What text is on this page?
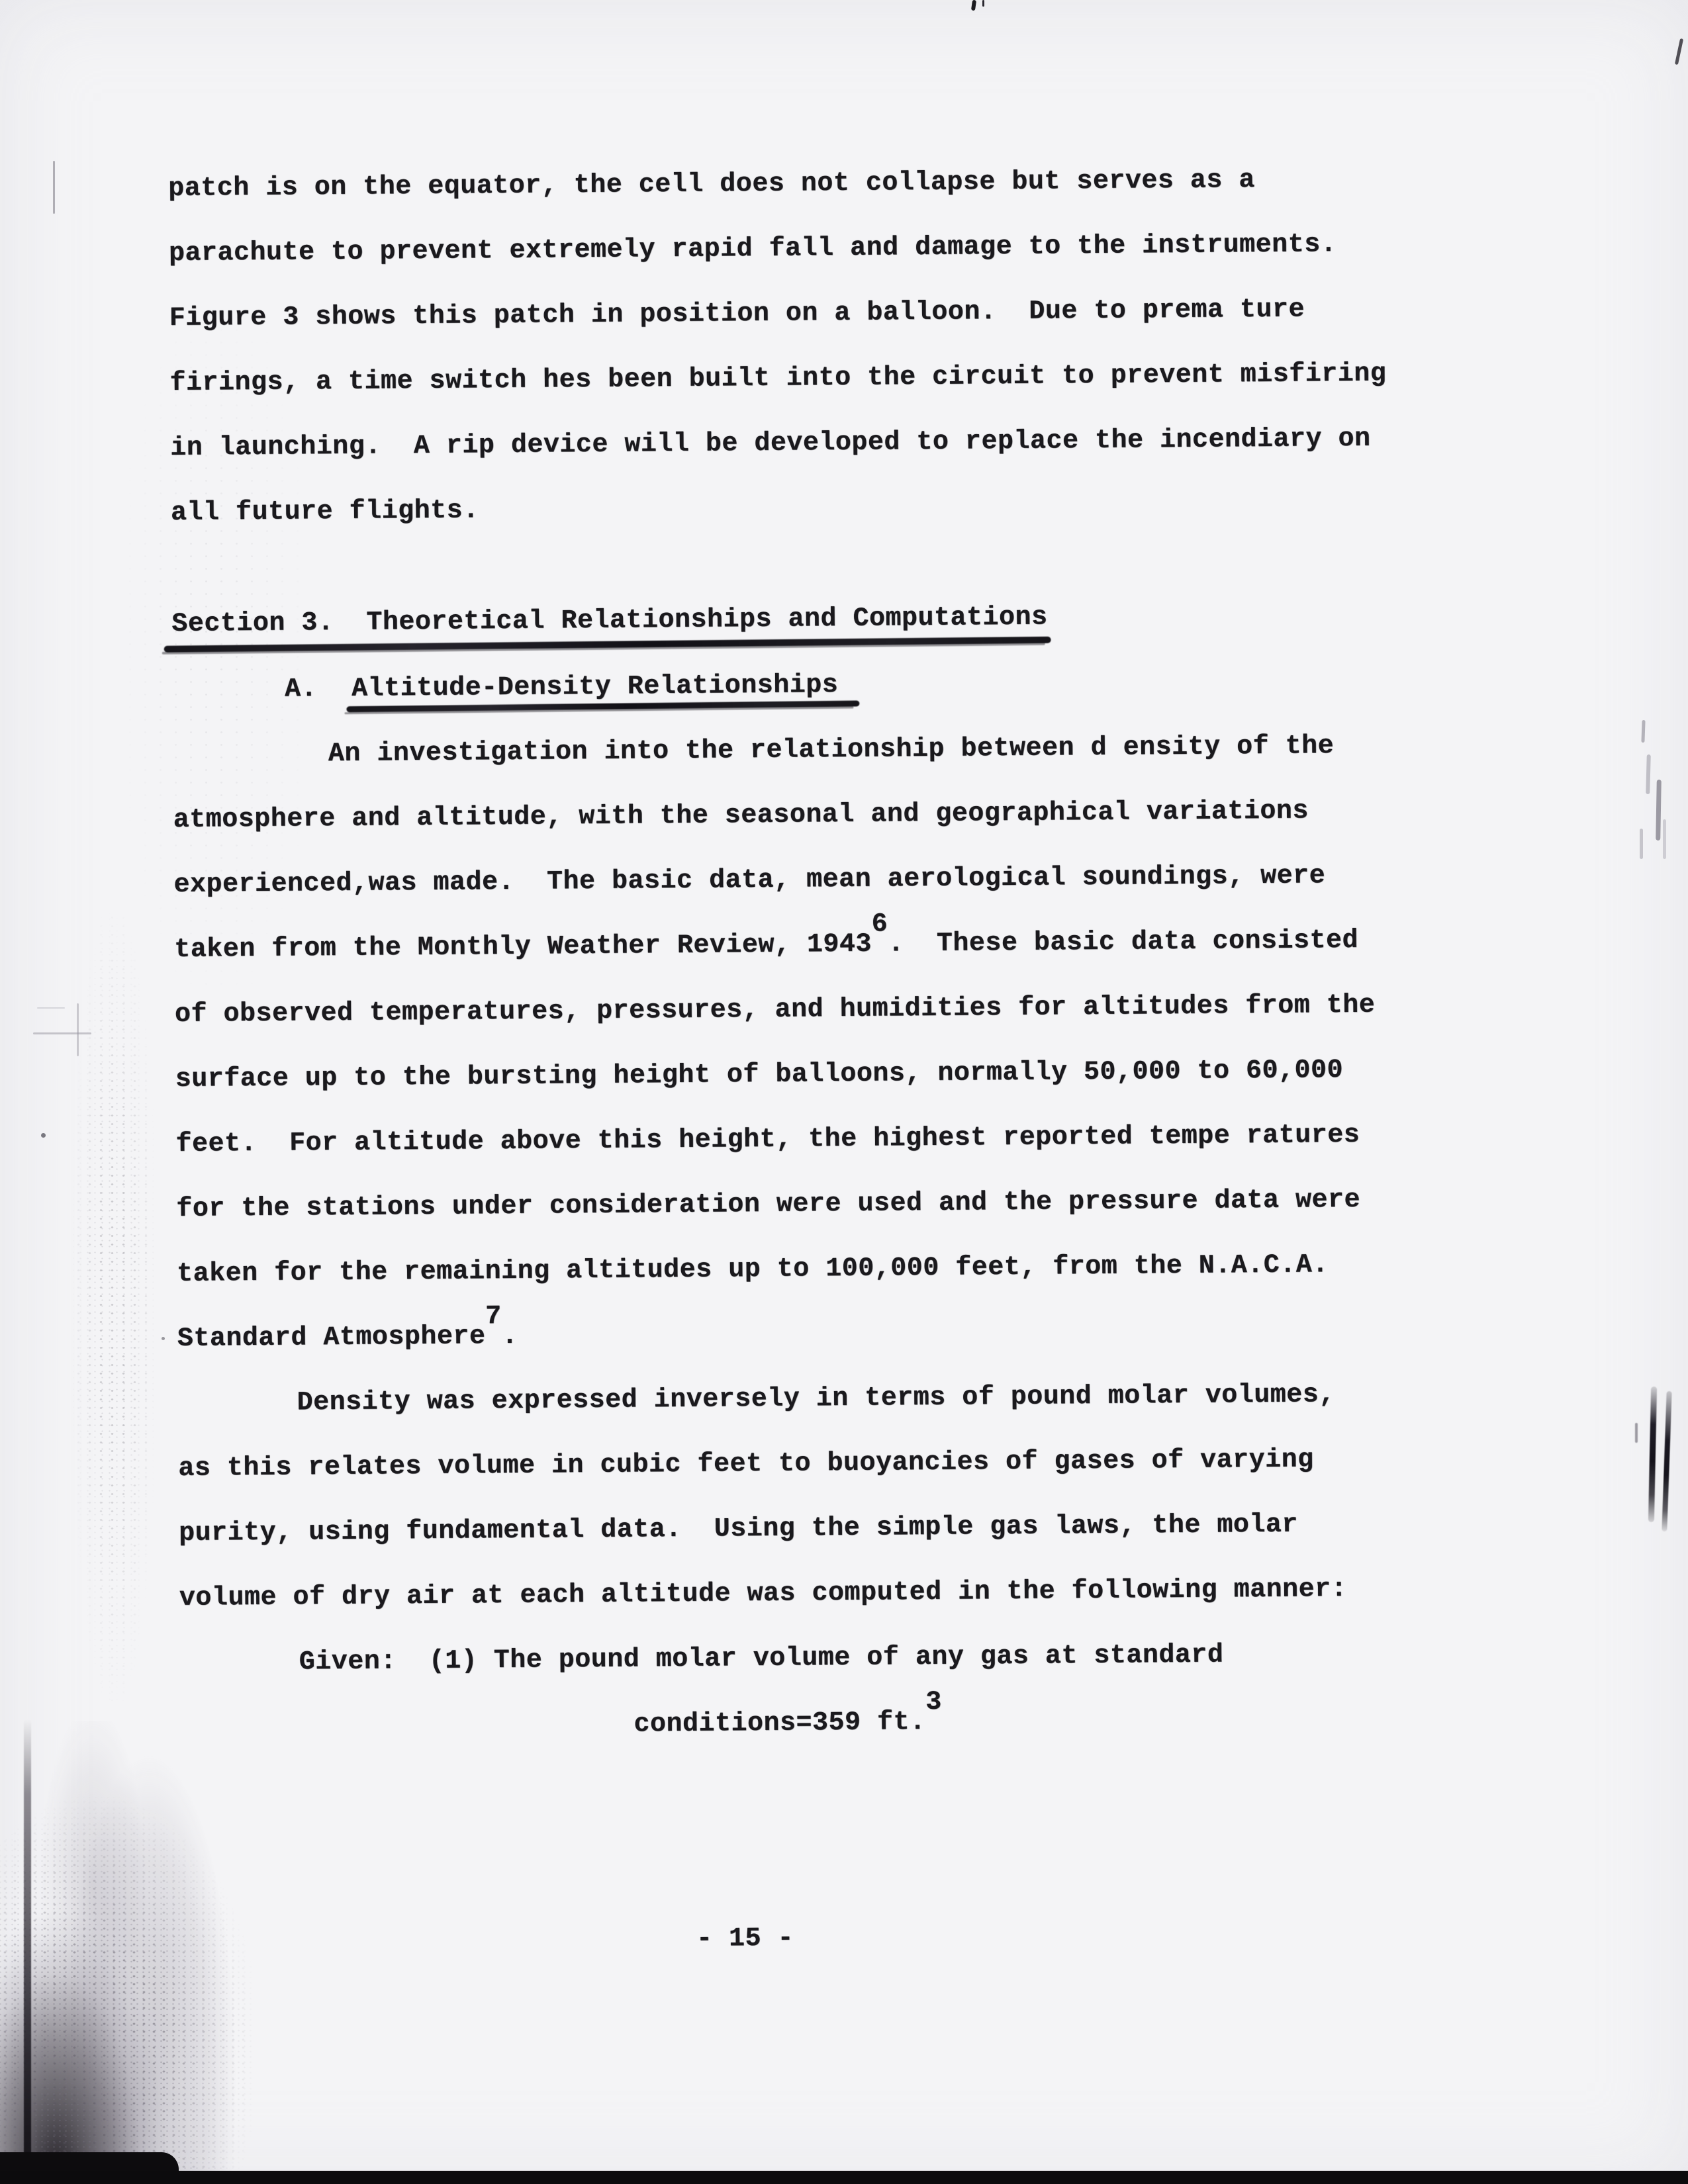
patch is on the equator, the cell does not collapse but serves as a
parachute to prevent extremely rapid fall and damage to the instruments.
Figure 3 shows this patch in position on a balloon.  Due to prema ture
firings, a time switch hes been built into the circuit to prevent misfiring
in launching.  A rip device will be developed to replace the incendiary on
all future flights.
Section 3.  Theoretical Relationships and Computations
A. Altitude-Density Relationships
An investigation into the relationship between d ensity of the
atmosphere and altitude, with the seasonal and geographical variations
experienced,was made.  The basic data, mean aerological soundings, were
taken from the Monthly Weather Review, 19436.  These basic data consisted
of observed temperatures, pressures, and humidities for altitudes from the
surface up to the bursting height of balloons, normally 50,000 to 60,000
feet.  For altitude above this height, the highest reported tempe ratures
for the stations under consideration were used and the pressure data were
taken for the remaining altitudes up to 100,000 feet, from the N.A.C.A.
Standard Atmosphere7.
Density was expressed inversely in terms of pound molar volumes,
as this relates volume in cubic feet to buoyancies of gases of varying
purity, using fundamental data.  Using the simple gas laws, the molar
volume of dry air at each altitude was computed in the following manner:
Given:  (1) The pound molar volume of any gas at standard
conditions=359 ft.3
- 15 -
